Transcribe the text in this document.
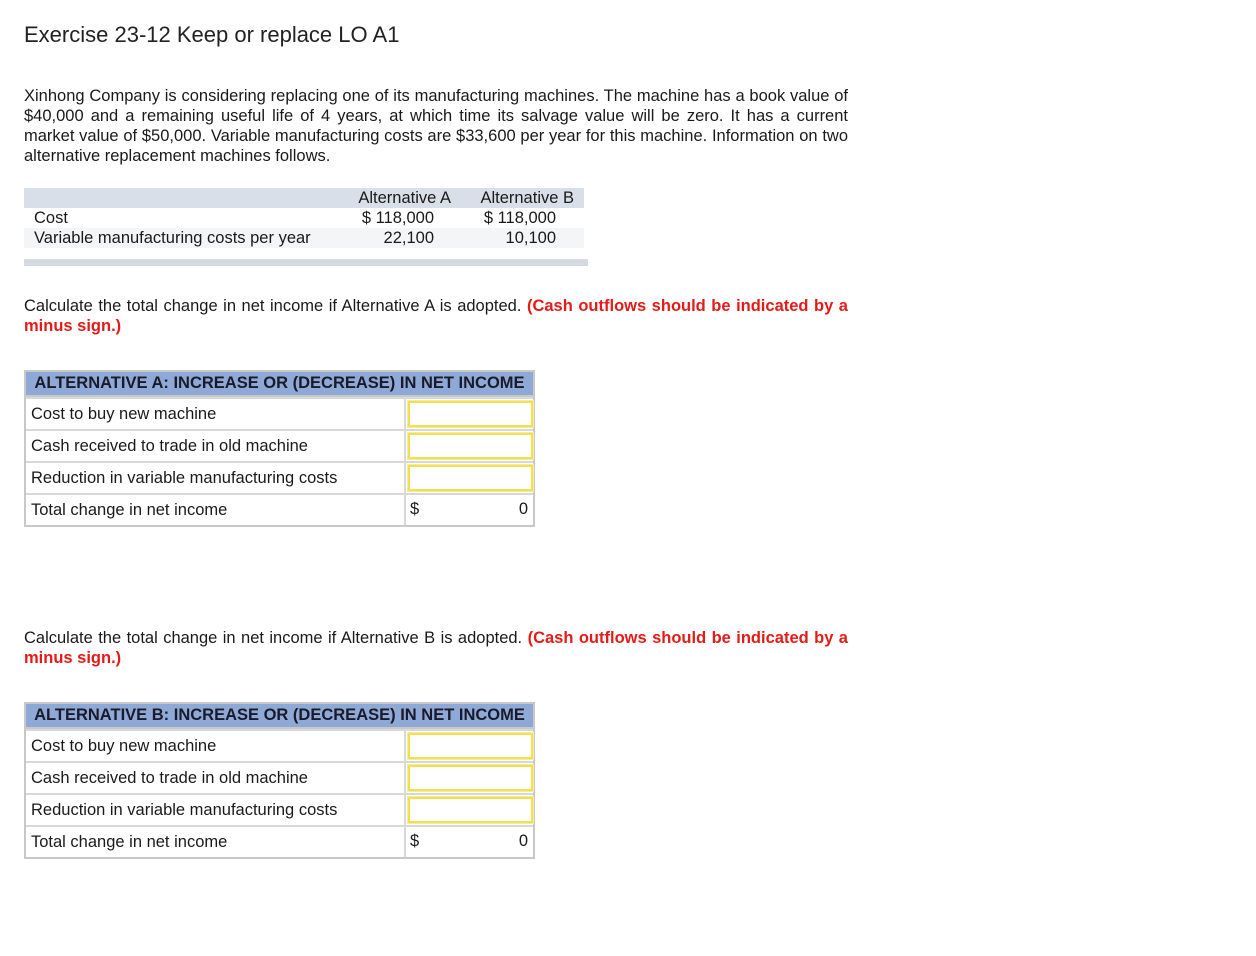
Exercise 23-12 Keep or replace LO A1
Xinhong Company is considering replacing one of its manufacturing machines. The machine has a book value of $40,000 and a remaining useful life of 4 years, at which time its salvage value will be zero. It has a current market value of $50,000. Variable manufacturing costs are $33,600 per year for this machine. Information on two alternative replacement machines follows.
Alternative A Alternative B
Cost	$ 118,000	$ 118,000
Variable manufacturing costs per year	22,100	10,100
Calculate the total change in net income if Alternative A is adopted. (Cash outflows should be indicated by a minus sign.)
ALTERNATIVE A: INCREASE OR (DECREASE) IN NET INCOME
Cost to buy new machine
Cash received to trade in old machine
Reduction in variable manufacturing costs
Total change in net income	$	0
Calculate the total change in net income if Alternative B is adopted. (Cash outflows should be indicated by a minus sign.)
ALTERNATIVE B: INCREASE OR (DECREASE) IN NET INCOME
Cost to buy new machine
Cash received to trade in old machine
Reduction in variable manufacturing costs
Total change in net income	$	0
